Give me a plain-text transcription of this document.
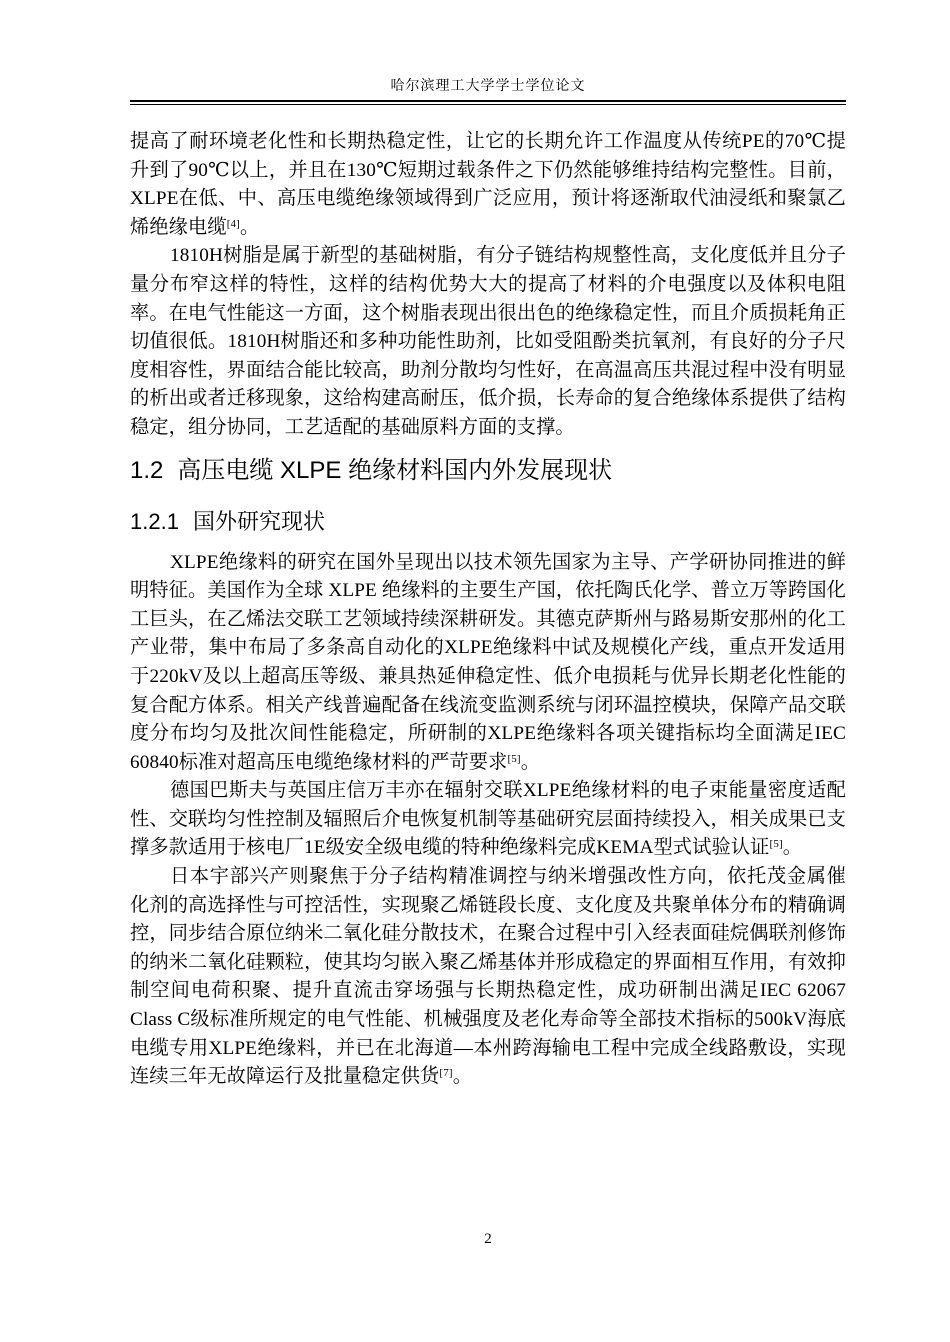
哈尔滨理工大学学士学位论文

提高了耐环境老化性和长期热稳定性，让它的长期允许工作温度从传统PE的70℃提升到了90℃以上，并且在130℃短期过载条件之下仍然能够维持结构完整性。目前，XLPE在低、中、高压电缆绝缘领域得到广泛应用，预计将逐渐取代油浸纸和聚氯乙烯绝缘电缆[4]。

1810H树脂是属于新型的基础树脂，有分子链结构规整性高，支化度低并且分子量分布窄这样的特性，这样的结构优势大大的提高了材料的介电强度以及体积电阻率。在电气性能这一方面，这个树脂表现出很出色的绝缘稳定性，而且介质损耗角正切值很低。1810H树脂还和多种功能性助剂，比如受阻酚类抗氧剂，有良好的分子尺度相容性，界面结合能比较高，助剂分散均匀性好，在高温高压共混过程中没有明显的析出或者迁移现象，这给构建高耐压，低介损，长寿命的复合绝缘体系提供了结构稳定，组分协同，工艺适配的基础原料方面的支撑。

1.2 高压电缆 XLPE 绝缘材料国内外发展现状
1.2.1 国外研究现状

XLPE绝缘料的研究在国外呈现出以技术领先国家为主导、产学研协同推进的鲜明特征。美国作为全球 XLPE 绝缘料的主要生产国，依托陶氏化学、普立万等跨国化工巨头，在乙烯法交联工艺领域持续深耕研发。其德克萨斯州与路易斯安那州的化工产业带，集中布局了多条高自动化的XLPE绝缘料中试及规模化产线，重点开发适用于220kV及以上超高压等级、兼具热延伸稳定性、低介电损耗与优异长期老化性能的复合配方体系。相关产线普遍配备在线流变监测系统与闭环温控模块，保障产品交联度分布均匀及批次间性能稳定，所研制的XLPE绝缘料各项关键指标均全面满足IEC 60840标准对超高压电缆绝缘材料的严苛要求[5]。

德国巴斯夫与英国庄信万丰亦在辐射交联XLPE绝缘材料的电子束能量密度适配性、交联均匀性控制及辐照后介电恢复机制等基础研究层面持续投入，相关成果已支撑多款适用于核电厂1E级安全级电缆的特种绝缘料完成KEMA型式试验认证[5]。

日本宇部兴产则聚焦于分子结构精准调控与纳米增强改性方向，依托茂金属催化剂的高选择性与可控活性，实现聚乙烯链段长度、支化度及共聚单体分布的精确调控，同步结合原位纳米二氧化硅分散技术，在聚合过程中引入经表面硅烷偶联剂修饰的纳米二氧化硅颗粒，使其均匀嵌入聚乙烯基体并形成稳定的界面相互作用，有效抑制空间电荷积聚、提升直流击穿场强与长期热稳定性，成功研制出满足IEC 62067 Class C级标准所规定的电气性能、机械强度及老化寿命等全部技术指标的500kV海底电缆专用XLPE绝缘料，并已在北海道—本州跨海输电工程中完成全线路敷设，实现连续三年无故障运行及批量稳定供货[7]。

2
